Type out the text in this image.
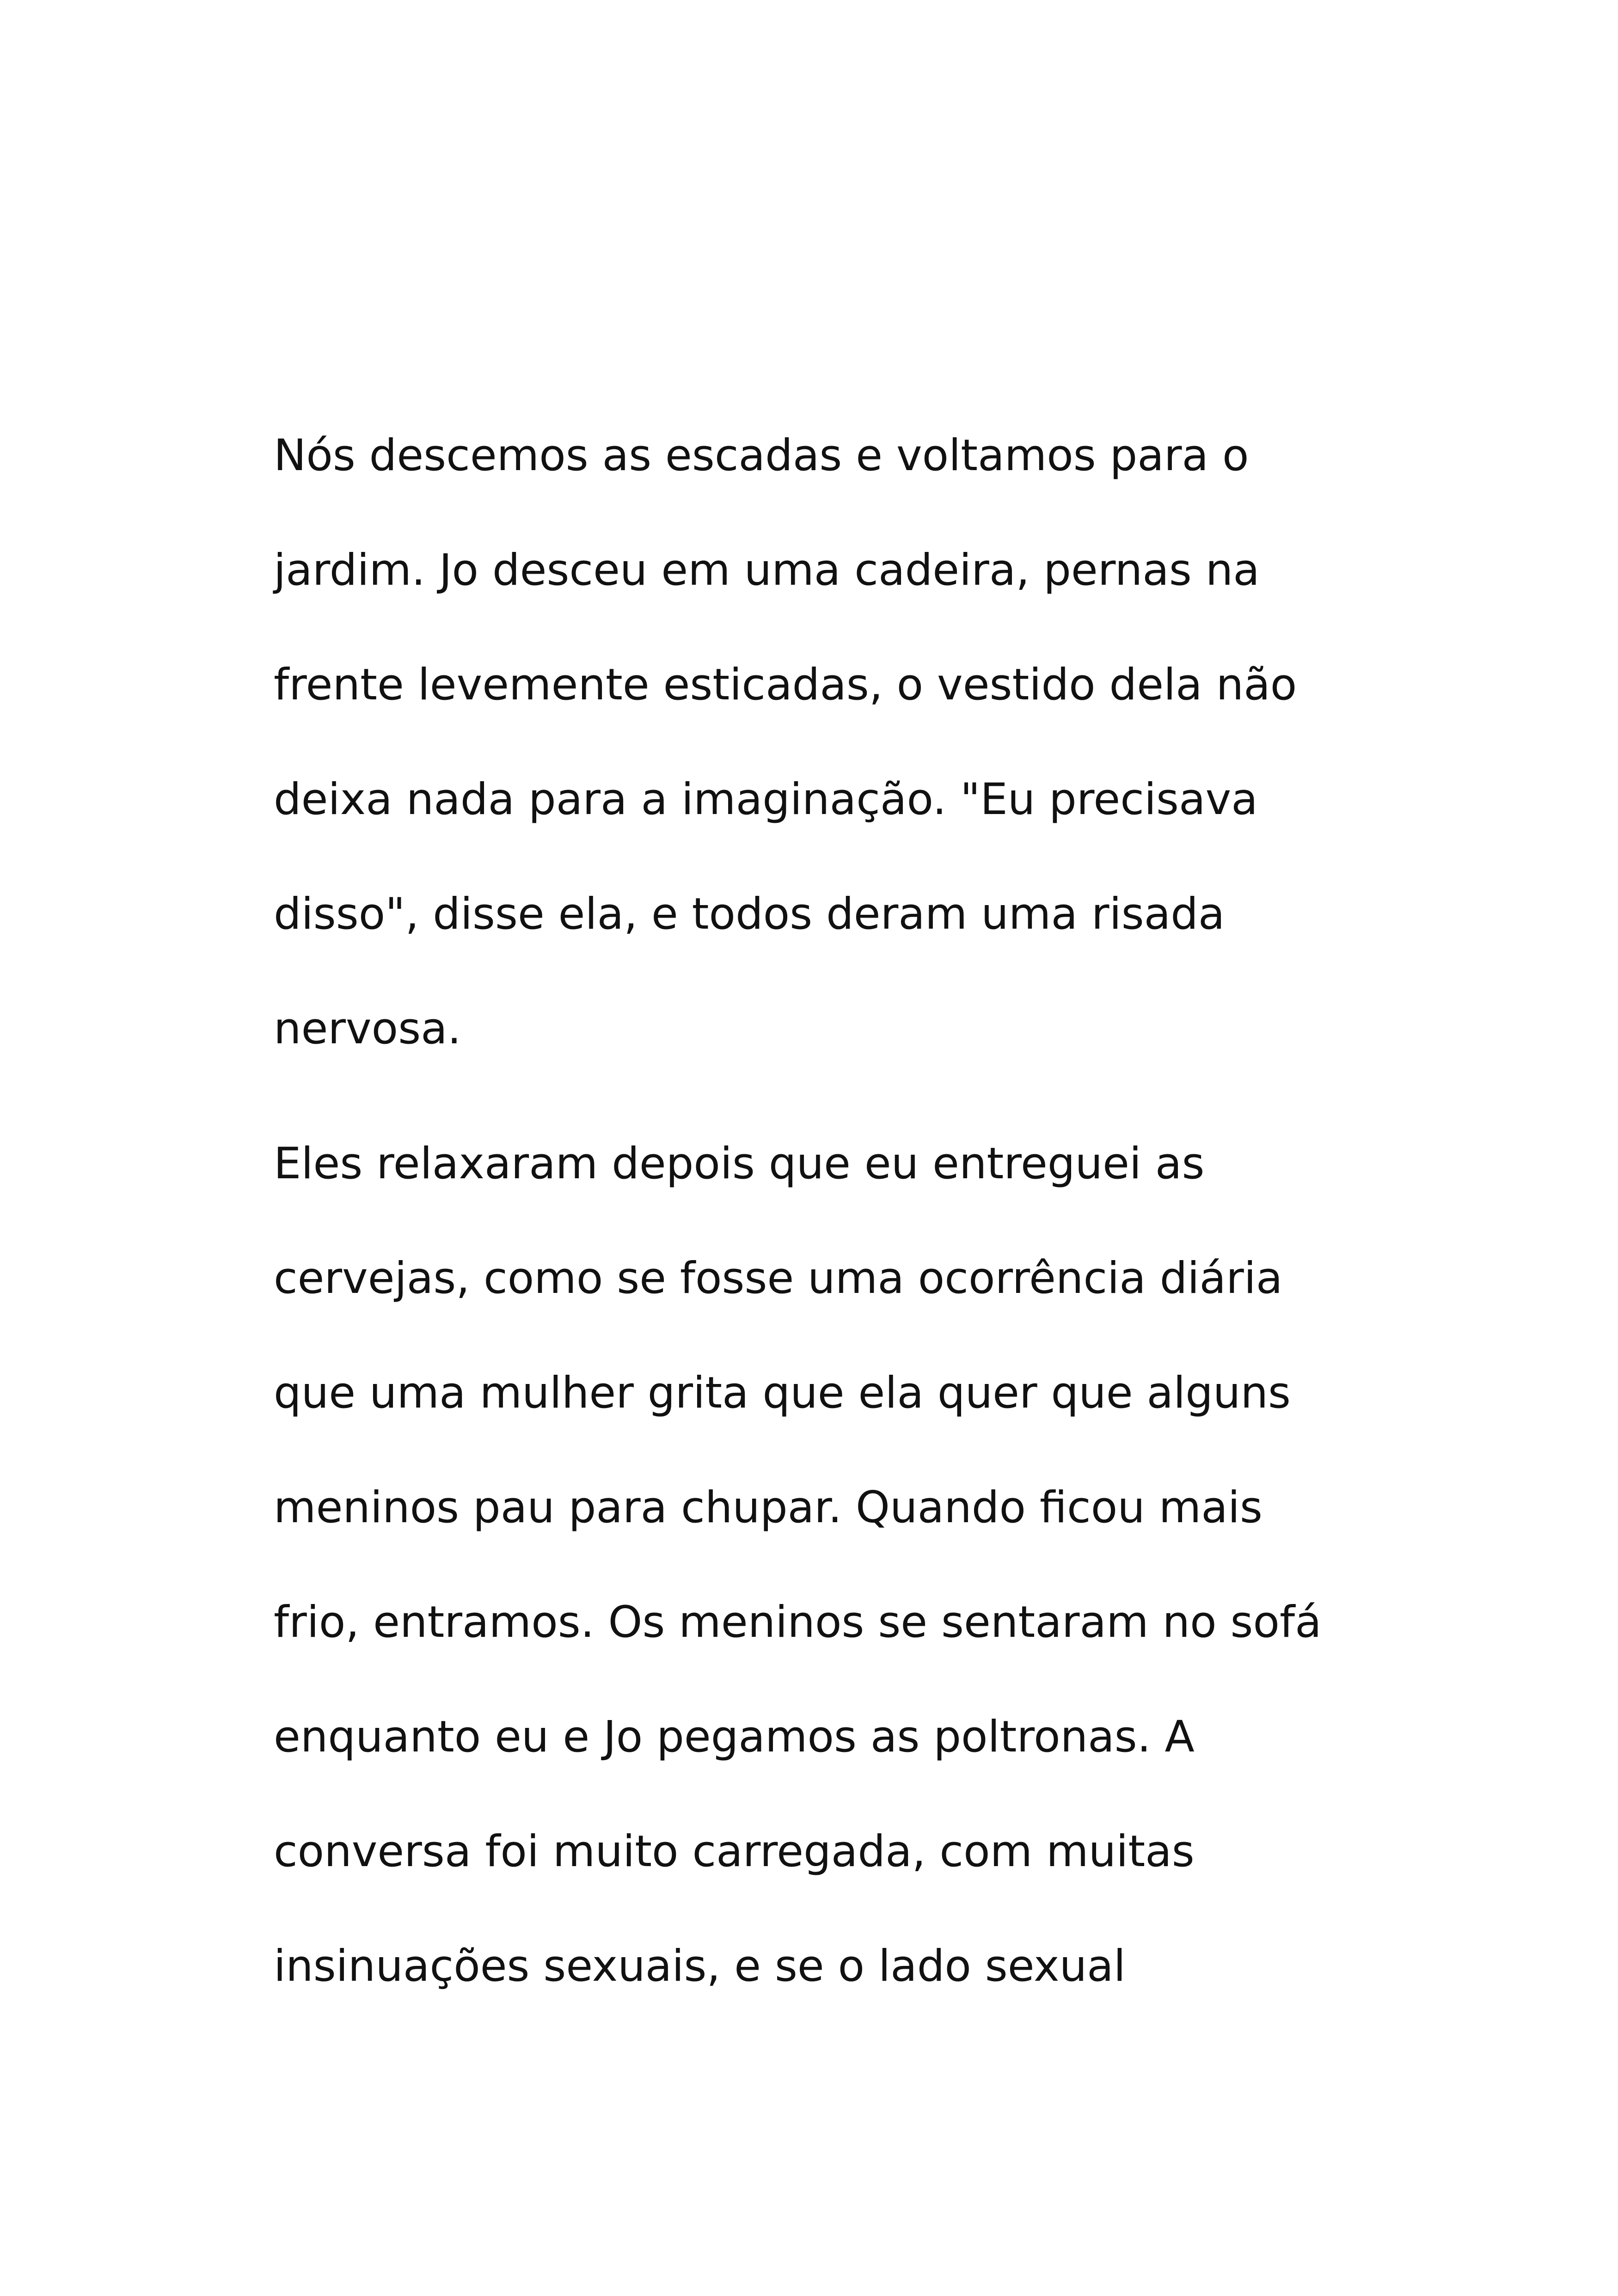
Nós descemos as escadas e voltamos para o
jardim. Jo desceu em uma cadeira, pernas na
frente levemente esticadas, o vestido dela não
deixa nada para a imaginação. "Eu precisava
disso", disse ela, e todos deram uma risada
nervosa.
Eles relaxaram depois que eu entreguei as
cervejas, como se fosse uma ocorrência diária
que uma mulher grita que ela quer que alguns
meninos pau para chupar. Quando ficou mais
frio, entramos. Os meninos se sentaram no sofá
enquanto eu e Jo pegamos as poltronas. A
conversa foi muito carregada, com muitas
insinuações sexuais, e se o lado sexual
